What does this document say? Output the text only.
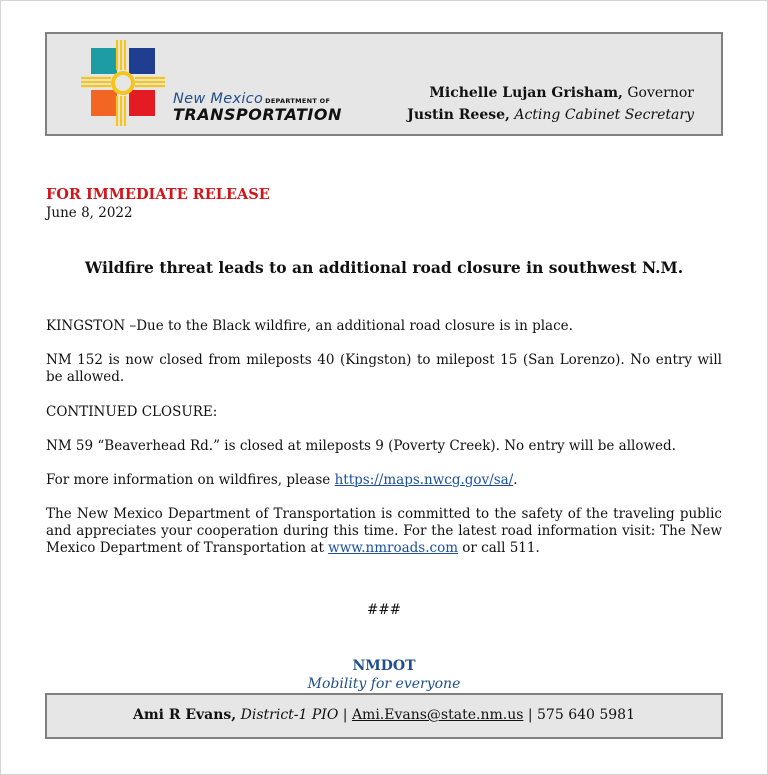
New Mexico DEPARTMENT OF
TRANSPORTATION
Michelle Lujan Grisham, Governor
Justin Reese, Acting Cabinet Secretary
FOR IMMEDIATE RELEASE
June 8, 2022
Wildfire threat leads to an additional road closure in southwest N.M.

KINGSTON –Due to the Black wildfire, an additional road closure is in place.

NM 152 is now closed from mileposts 40 (Kingston) to milepost 15 (San Lorenzo). No entry will be allowed.

CONTINUED CLOSURE:

NM 59 “Beaverhead Rd.” is closed at mileposts 9 (Poverty Creek). No entry will be allowed.

For more information on wildfires, please https://maps.nwcg.gov/sa/.

The New Mexico Department of Transportation is committed to the safety of the traveling public and appreciates your cooperation during this time. For the latest road information visit: The New Mexico Department of Transportation at www.nmroads.com or call 511.

###
NMDOT
Mobility for everyone
Ami R Evans, District-1 PIO | Ami.Evans@state.nm.us | 575 640 5981
